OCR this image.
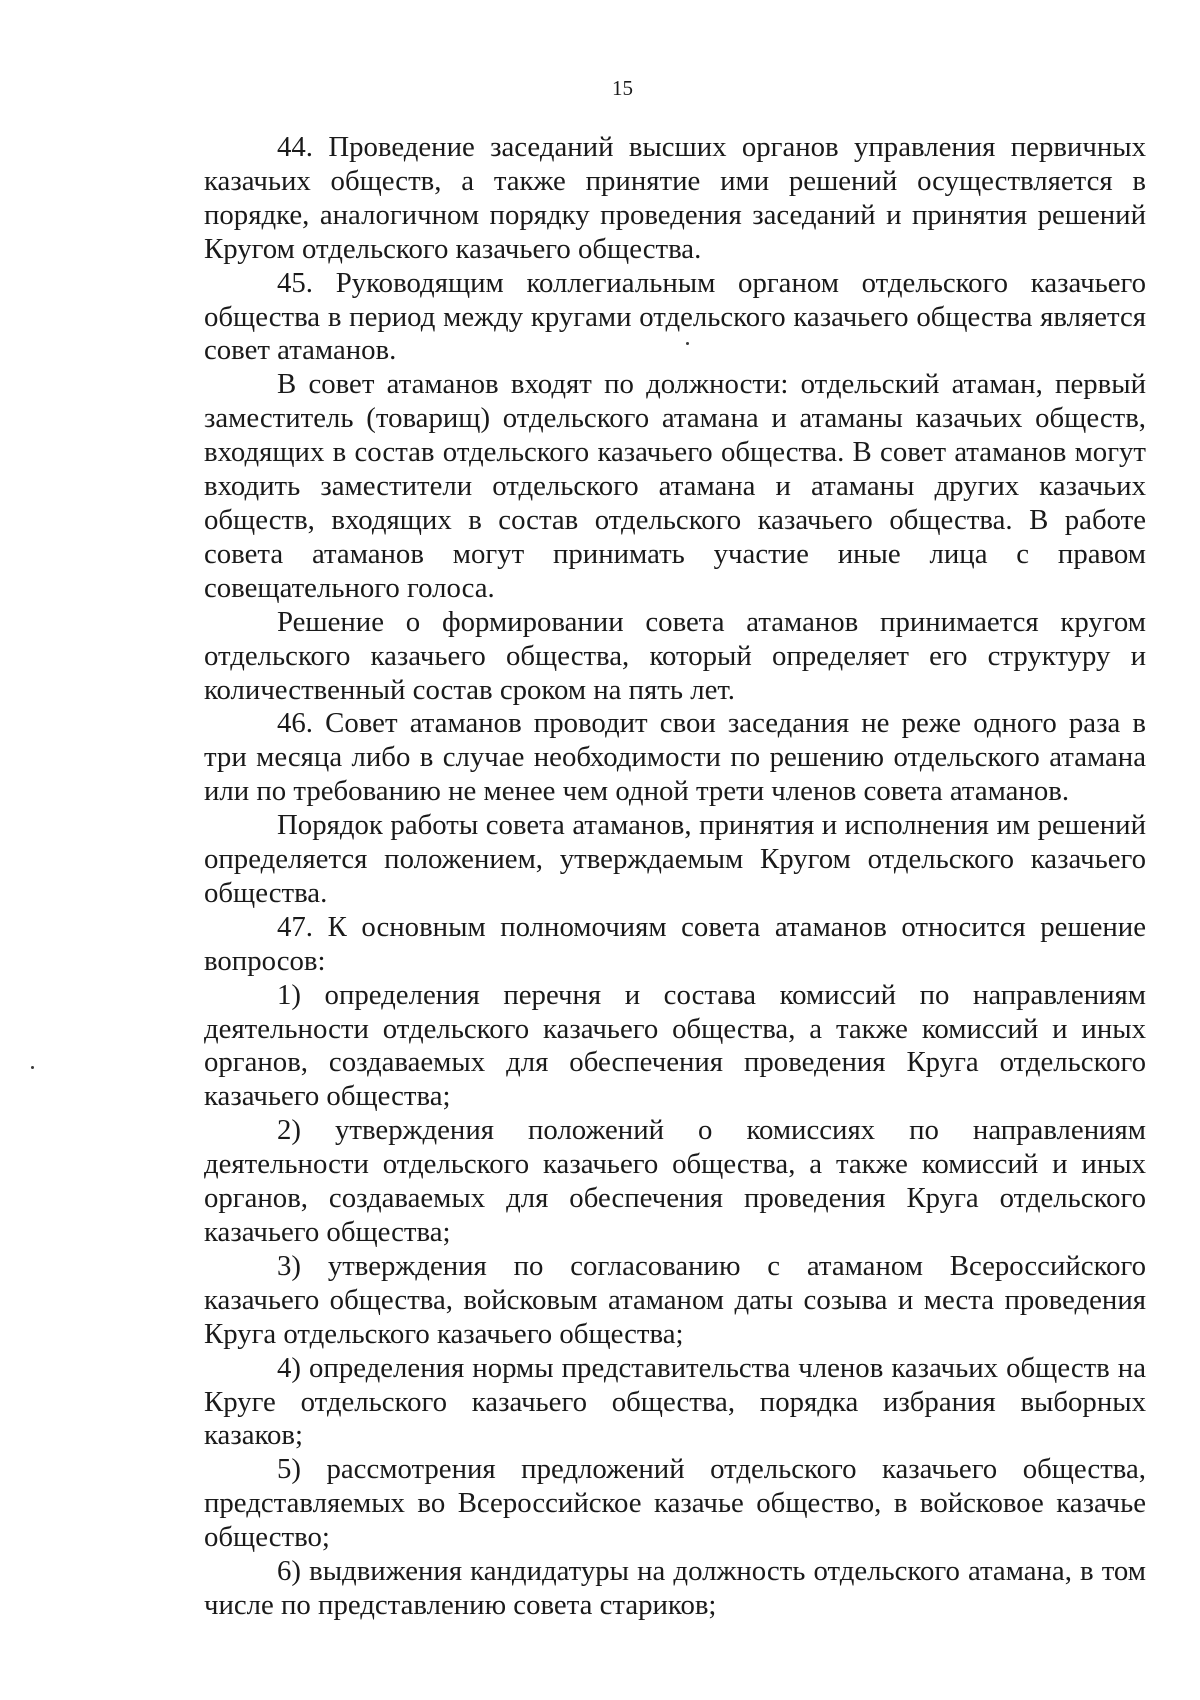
15

44. Проведение заседаний высших органов управления первичных казачьих обществ, а также принятие ими решений осуществляется в порядке, аналогичном порядку проведения заседаний и принятия решений Кругом отдельского казачьего общества.

45. Руководящим коллегиальным органом отдельского казачьего общества в период между кругами отдельского казачьего общества является совет атаманов.

В совет атаманов входят по должности: отдельский атаман, первый заместитель (товарищ) отдельского атамана и атаманы казачьих обществ, входящих в состав отдельского казачьего общества. В совет атаманов могут входить заместители отдельского атамана и атаманы других казачьих обществ, входящих в состав отдельского казачьего общества. В работе совета атаманов могут принимать участие иные лица с правом совещательного голоса.

Решение о формировании совета атаманов принимается кругом отдельского казачьего общества, который определяет его структуру и количественный состав сроком на пять лет.

46. Совет атаманов проводит свои заседания не реже одного раза в три месяца либо в случае необходимости по решению отдельского атамана или по требованию не менее чем одной трети членов совета атаманов.

Порядок работы совета атаманов, принятия и исполнения им решений определяется положением, утверждаемым Кругом отдельского казачьего общества.

47. К основным полномочиям совета атаманов относится решение вопросов:

1) определения перечня и состава комиссий по направлениям деятельности отдельского казачьего общества, а также комиссий и иных органов, создаваемых для обеспечения проведения Круга отдельского казачьего общества;

2) утверждения положений о комиссиях по направлениям деятельности отдельского казачьего общества, а также комиссий и иных органов, создаваемых для обеспечения проведения Круга отдельского казачьего общества;

3) утверждения по согласованию с атаманом Всероссийского казачьего общества, войсковым атаманом даты созыва и места проведения Круга отдельского казачьего общества;

4) определения нормы представительства членов казачьих обществ на Круге отдельского казачьего общества, порядка избрания выборных казаков;

5) рассмотрения предложений отдельского казачьего общества, представляемых во Всероссийское казачье общество, в войсковое казачье общество;

6) выдвижения кандидатуры на должность отдельского атамана, в том числе по представлению совета стариков;
